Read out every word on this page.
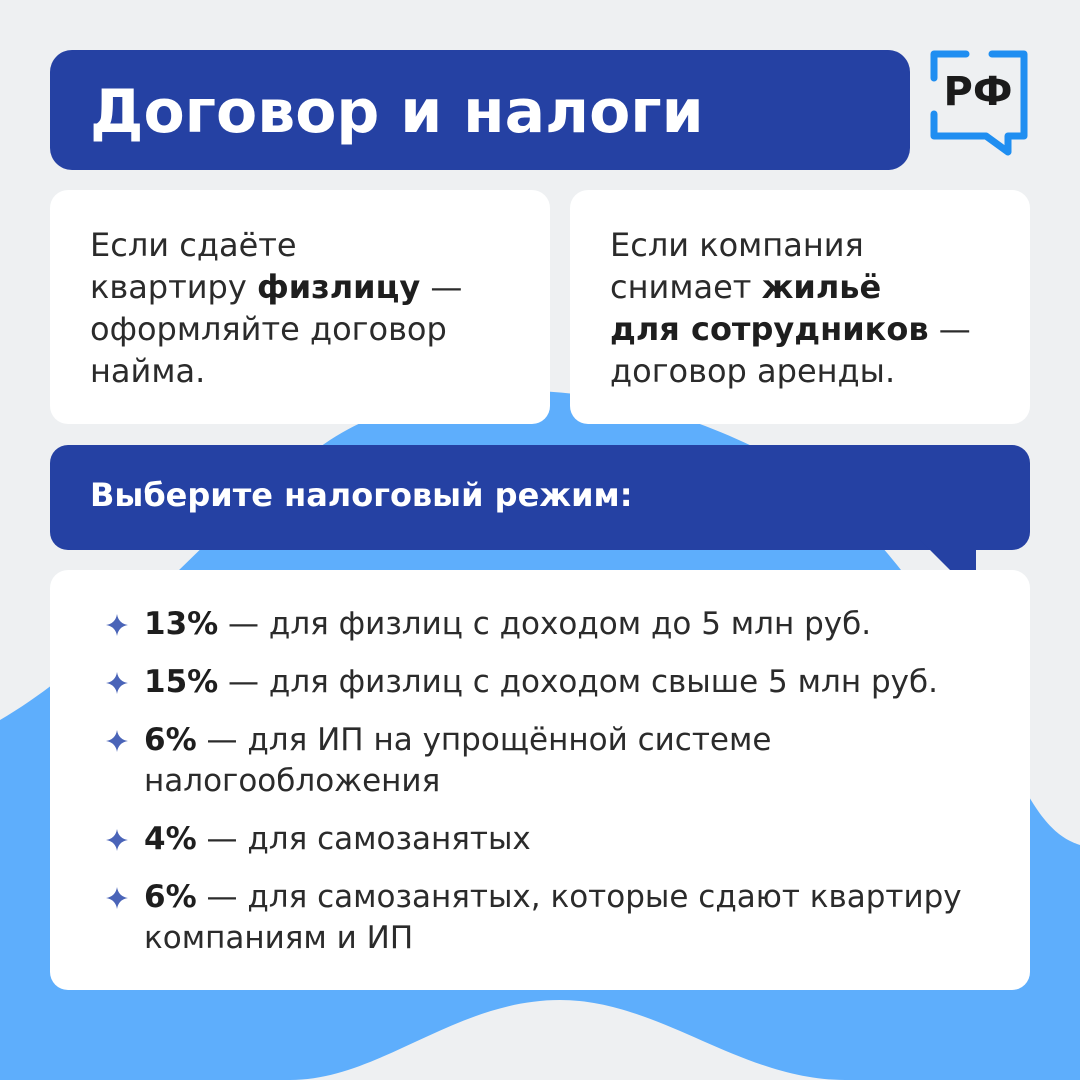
Договор и налоги	РФ
Если сдаёте
квартиру физлицу —
оформляйте договор
найма.
Если компания
снимает жильё
для сотрудников —
договор аренды.
Выберите налоговый режим:
13% — для физлиц с доходом до 5 млн руб.
15% — для физлиц с доходом свыше 5 млн руб.
6% — для ИП на упрощённой системе налогообложения
4% — для самозанятых
6% — для самозанятых, которые сдают квартиру компаниям и ИП
